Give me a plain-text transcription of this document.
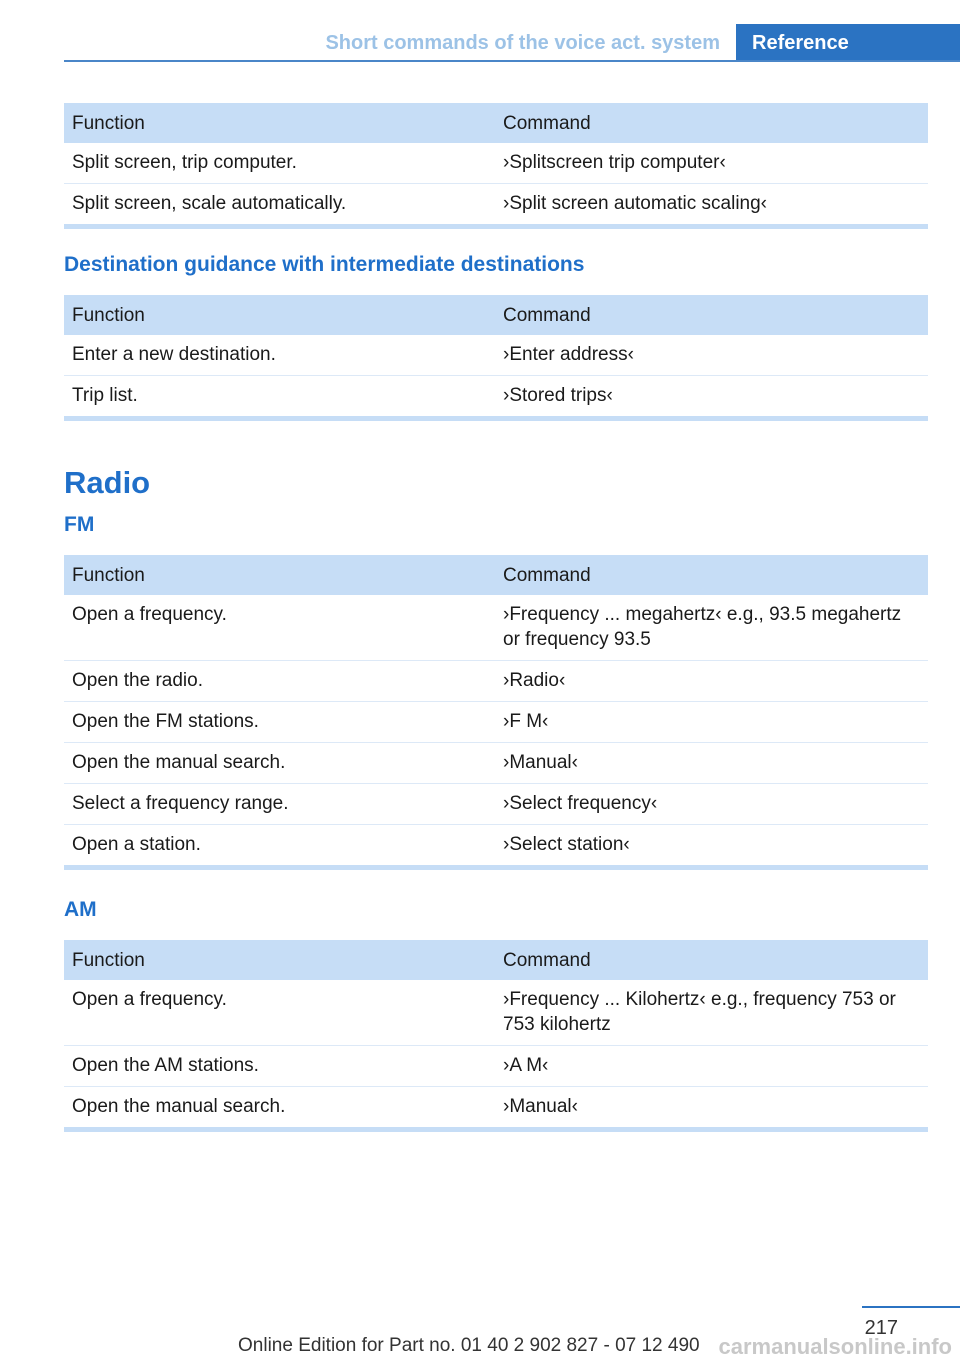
Short commands of the voice act. system	Reference
Function	Command
Split screen, trip computer.	›Splitscreen trip computer‹
Split screen, scale automatically.	›Split screen automatic scaling‹
Destination guidance with intermediate destinations
Function	Command
Enter a new destination.	›Enter address‹
Trip list.	›Stored trips‹
Radio
FM
Function	Command
Open a frequency.	›Frequency ... megahertz‹ e.g., 93.5 megahertz or frequency 93.5
Open the radio.	›Radio‹
Open the FM stations.	›F M‹
Open the manual search.	›Manual‹
Select a frequency range.	›Select frequency‹
Open a station.	›Select station‹
AM
Function	Command
Open a frequency.	›Frequency ... Kilohertz‹ e.g., frequency 753 or 753 kilohertz
Open the AM stations.	›A M‹
Open the manual search.	›Manual‹
217
Online Edition for Part no. 01 40 2 902 827 - 07 12 490 carmanualsonline.info
